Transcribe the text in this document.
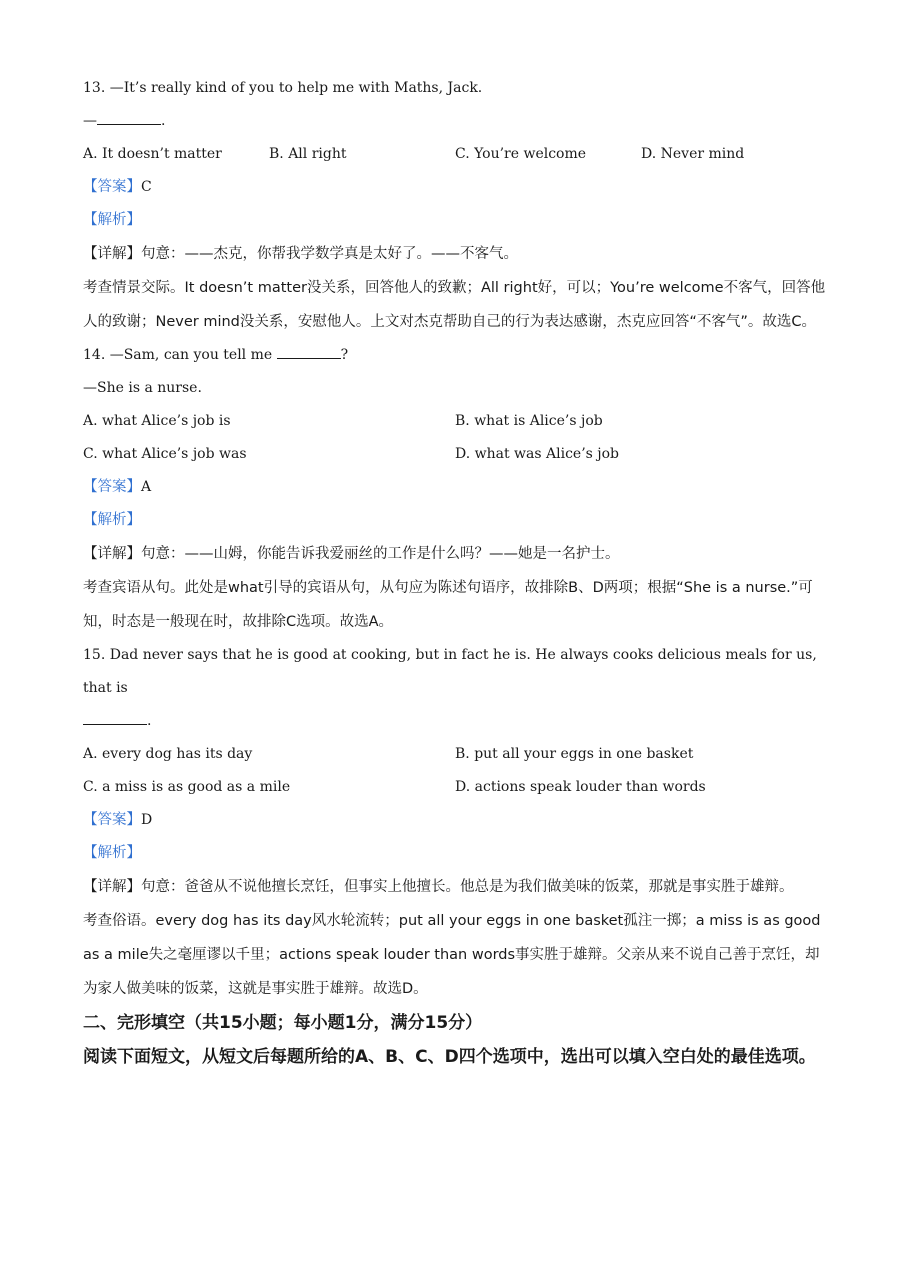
13. —It’s really kind of you to help me with Maths, Jack.
—	.
A. It doesn’t matter	B. All right	C. You’re welcome	D. Never mind
【答案】C
【解析】
【详解】句意：——杰克，你帮我学数学真是太好了。——不客气。
考查情景交际。It doesn’t matter没关系，回答他人的致歉；All right好，可以；You’re welcome不客气，回答他人的致谢；Never mind没关系，安慰他人。上文对杰克帮助自己的行为表达感谢，杰克应回答“不客气”。故选C。
14. —Sam, can you tell me	?
—She is a nurse.
A. what Alice’s job is	B. what is Alice’s job
C. what Alice’s job was	D. what was Alice’s job
【答案】A
【解析】
【详解】句意：——山姆，你能告诉我爱丽丝的工作是什么吗？——她是一名护士。
考查宾语从句。此处是what引导的宾语从句，从句应为陈述句语序，故排除B、D两项；根据“She is a nurse.”可知，时态是一般现在时，故排除C选项。故选A。
15. Dad never says that he is good at cooking, but in fact he is. He always cooks delicious meals for us, that is
.
A. every dog has its day	B. put all your eggs in one basket
C. a miss is as good as a mile	D. actions speak louder than words
【答案】D
【解析】
【详解】句意：爸爸从不说他擅长烹饪，但事实上他擅长。他总是为我们做美味的饭菜，那就是事实胜于雄辩。
考查俗语。every dog has its day风水轮流转；put all your eggs in one basket孤注一掷；a miss is as good as a mile失之毫厘谬以千里；actions speak louder than words事实胜于雄辩。父亲从来不说自己善于烹饪，却为家人做美味的饭菜，这就是事实胜于雄辩。故选D。
二、完形填空（共15小题；每小题1分，满分15分）
阅读下面短文，从短文后每题所给的A、B、C、D四个选项中，选出可以填入空白处的最佳选项。
